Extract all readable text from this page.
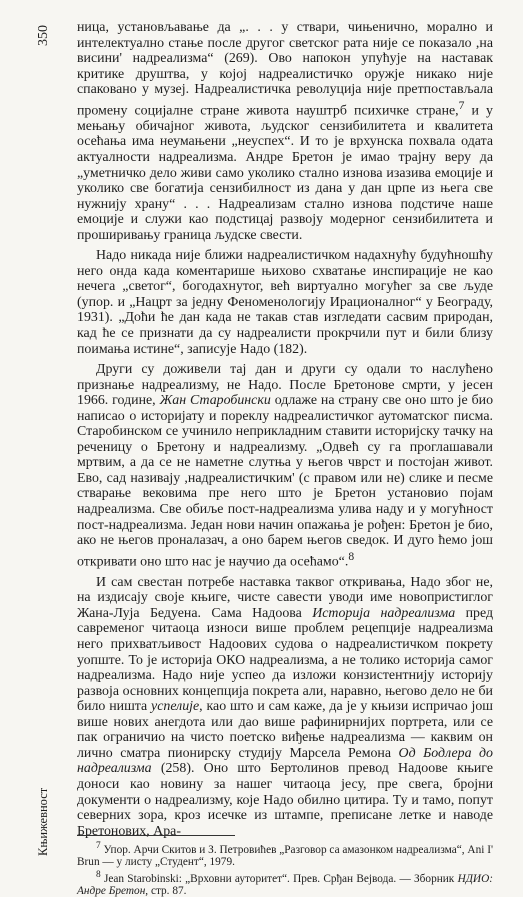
350
Књижевност

ница, установљавање да „. . . у ствари, чињенично, морално и интелектуално стање после другог светског рата није се показало ,на висини' надреализма“ (269). Ово напокон упућује на наставак критике друштва, у којој надреалистичко оружје никако није спаковано у музеј. Надреалистичка револуција није претпостављала промену социјалне стране живота науштрб психичке стране,$^7$ и у мењању обичајног живота, људског сензибилитета и квалитета осећања има неумањени „неуспех“. И то је врхунска похвала одата актуалности надреализма. Андре Бретон је имао трајну веру да „уметничко дело живи само уколико стално изнова изазива емоције и уколико све богатија сензибилност из дана у дан црпе из њега све нужнију храну“ . . . Надреализам стално изнова подстиче наше емоције и служи као подстицај развоју модерног сензибилитета и проширивању граница људске свести.

Надо никада није ближи надреалистичком надахнућу будућношћу него онда када коментарише њихово схватање инспирације не као нечега „светог“, богодахнутог, већ виртуално могућег за све људе (упор. и „Нацрт за једну Феноменологију Ирационалног“ у Београду, 1931). „Доћи ће дан када не такав став изгледати сасвим природан, кад ће се признати да су надреалисти прокрчили пут и били близу поимања истине“, записује Надо (182).

Други су доживели тај дан и други су одали то наслућено признање надреализму, не Надо. После Бретонове смрти, у јесен 1966. године, Жан Старобински одлаже на страну све оно што је био написао о историјату и пореклу надреалистичког аутоматског писма. Старобинском се учинило неприкладним ставити историјску тачку на реченицу о Бретону и надреализму. „Одвећ су га проглашавали мртвим, а да се не наметне слутња у његов чврст и постојан живот. Ево, сад називају ,надреалистичким' (с правом или не) слике и песме стварање вековима пре него што је Бретон установио појам надреализма. Све обиље пост-надреализма улива наду и у могућност пост-надреализма. Један нови начин опажања је рођен: Бретон је био, ако не његов проналазач, а оно барем његов сведок. И дуго ћемо још откривати оно што нас је научио да осећамо“.$^8$

И сам свестан потребе наставка таквог откривања, Надо због не, на издисају своје књиге, чисте савести уводи име новопристиглог Жана-Луја Бедуена. Сама Надоова Историја надреализма пред савременог читаоца износи више проблем рецепције надреализма него прихватљивост Надоових судова о надреалистичком покрету уопште. То је историја ОКО надреализма, а не толико историја самог надреализма. Надо није успео да изложи конзистентнију историју развоја основних концепција покрета али, наравно, његово дело не би било ништа успелије, као што и сам каже, да је у књизи испричао још више нових анегдота или дао више рафинирнијих портрета, или се пак ограничио на чисто поетско виђење надреализма — каквим он лично сматра пионирску студију Марсела Ремона Од Бодлера до надреализма (258). Оно што Бертолинов превод Надоове књиге доноси као новину за нашег читаоца јесу, пре свега, бројни документи о надреализму, које Надо обилно цитира. Ту и тамо, попут северних зора, кроз исечке из штампе, преписане летке и наводе Бретонових, Ара-

$^7$ Упор. Арчи Скитов и З. Петровићев „Разговор са амазонком надреализма“, Ani I' Brun — у листу „Студент“, 1979.

$^8$ Jean Starobinski: „Врховни ауторитет“. Прев. Срђан Вејвода. — Зборник НДИО: Андре Бретон, стр. 87.
